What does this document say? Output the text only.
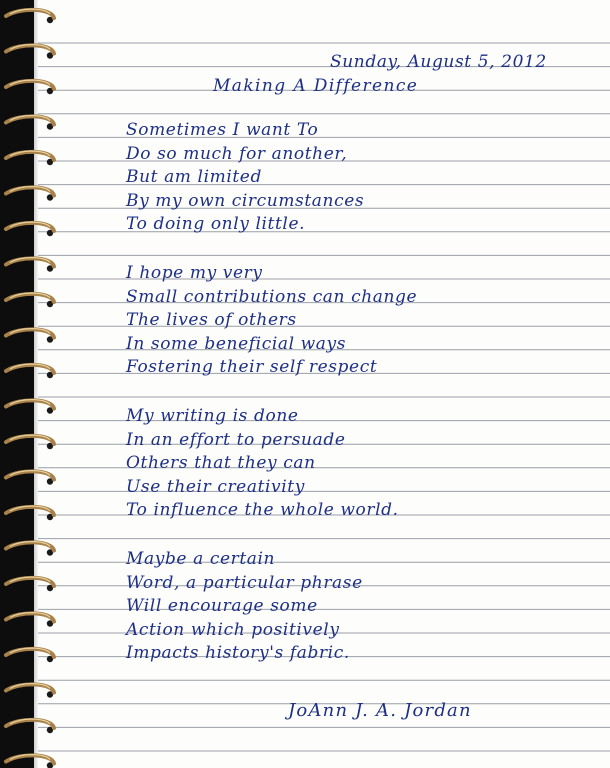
Sunday, August 5, 2012
Making A Difference
Sometimes I want To
Do so much for another,
But am limited
By my own circumstances
To doing only little.
I hope my very
Small contributions can change
The lives of others
In some beneficial ways
Fostering their self respect
My writing is done
In an effort to persuade
Others that they can
Use their creativity
To influence the whole world.
Maybe a certain
Word, a particular phrase
Will encourage some
Action which positively
Impacts history's fabric.
JoAnn J. A. Jordan
